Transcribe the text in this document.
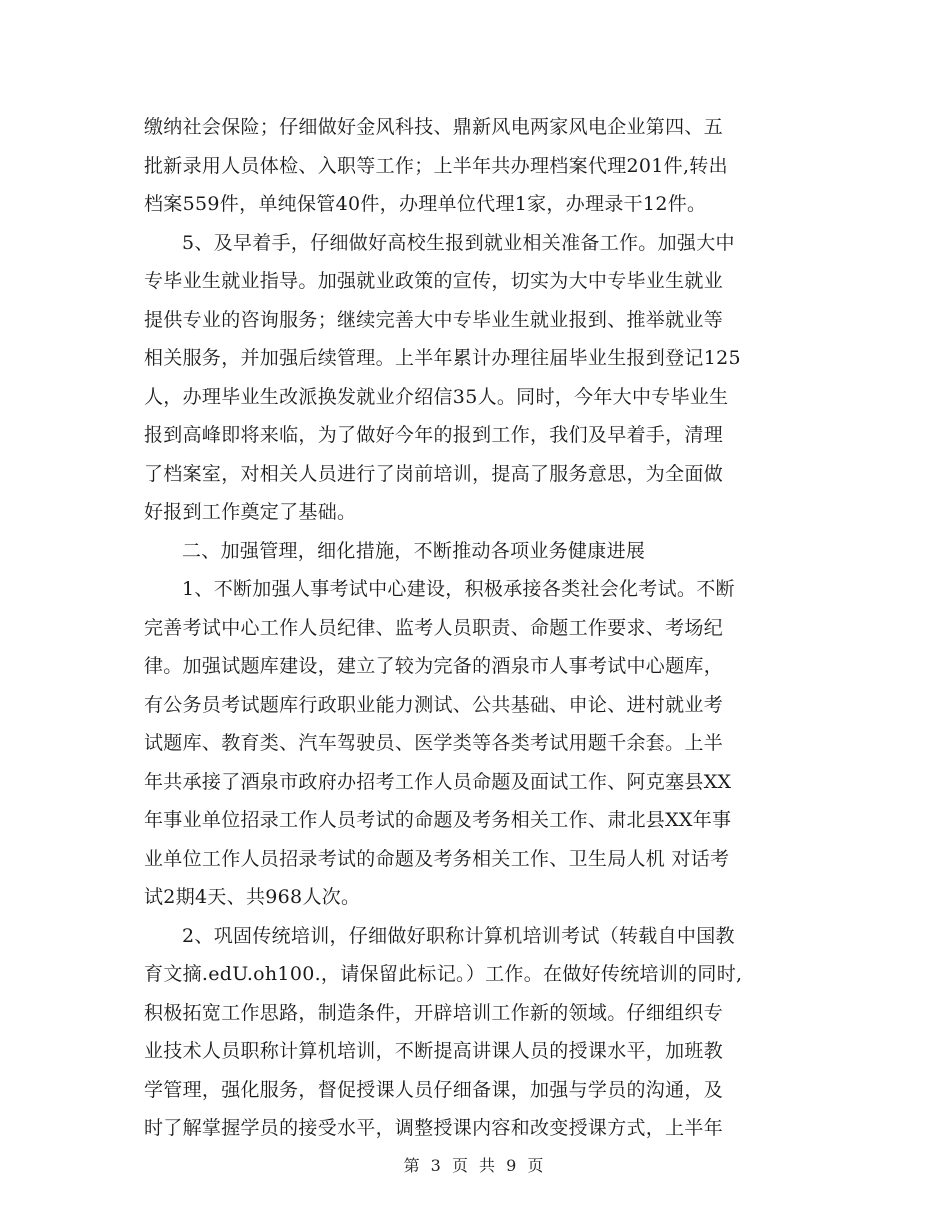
缴纳社会保险；仔细做好金风科技、鼎新风电两家风电企业第四、五
批新录用人员体检、入职等工作；上半年共办理档案代理201件,转出
档案559件，单纯保管40件，办理单位代理1家，办理录干12件。
5、及早着手，仔细做好高校生报到就业相关准备工作。加强大中
专毕业生就业指导。加强就业政策的宣传，切实为大中专毕业生就业
提供专业的咨询服务；继续完善大中专毕业生就业报到、推举就业等
相关服务，并加强后续管理。上半年累计办理往届毕业生报到登记125
人，办理毕业生改派换发就业介绍信35人。同时，今年大中专毕业生
报到高峰即将来临，为了做好今年的报到工作，我们及早着手，清理
了档案室，对相关人员进行了岗前培训，提高了服务意思，为全面做
好报到工作奠定了基础。
二、加强管理，细化措施，不断推动各项业务健康进展
1、不断加强人事考试中心建设，积极承接各类社会化考试。不断
完善考试中心工作人员纪律、监考人员职责、命题工作要求、考场纪
律。加强试题库建设，建立了较为完备的酒泉市人事考试中心题库，
有公务员考试题库行政职业能力测试、公共基础、申论、进村就业考
试题库、教育类、汽车驾驶员、医学类等各类考试用题千余套。上半
年共承接了酒泉市政府办招考工作人员命题及面试工作、阿克塞县XX
年事业单位招录工作人员考试的命题及考务相关工作、肃北县XX年事
业单位工作人员招录考试的命题及考务相关工作、卫生局人机 对话考
试2期4天、共968人次。
2、巩固传统培训，仔细做好职称计算机培训考试（转载自中国教
育文摘.edU.oh100.，请保留此标记。）工作。在做好传统培训的同时,
积极拓宽工作思路，制造条件，开辟培训工作新的领域。仔细组织专
业技术人员职称计算机培训，不断提高讲课人员的授课水平，加班教
学管理，强化服务，督促授课人员仔细备课，加强与学员的沟通，及
时了解掌握学员的接受水平，调整授课内容和改变授课方式，上半年
第 3 页 共 9 页
